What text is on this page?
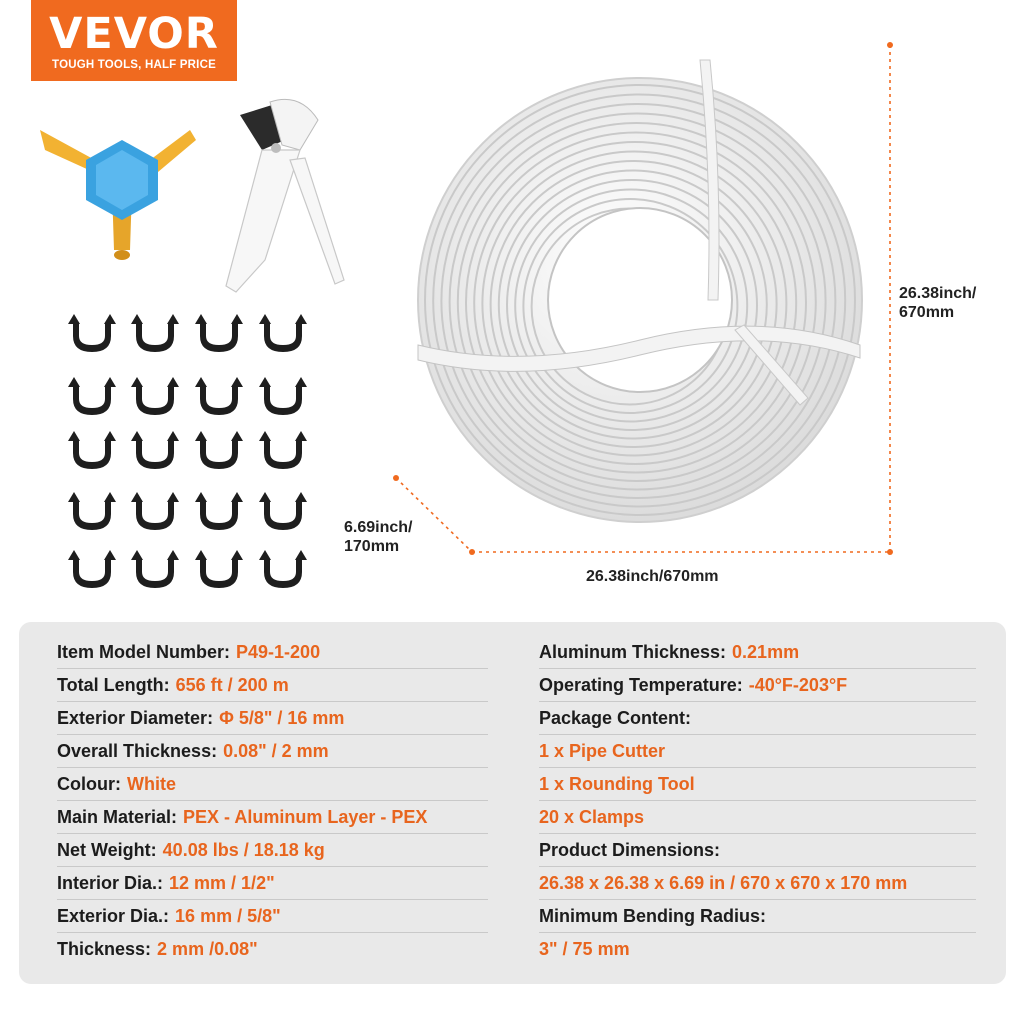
VEVOR
TOUGH TOOLS, HALF PRICE
26.38inch/
670mm
26.38inch/670mm
6.69inch/
170mm
Item Model Number: P49-1-200
Total Length: 656 ft / 200 m
Exterior Diameter: Φ 5/8" / 16 mm
Overall Thickness: 0.08" / 2 mm
Colour: White
Main Material: PEX - Aluminum Layer - PEX
Net Weight: 40.08 lbs / 18.18 kg
Interior Dia.: 12 mm / 1/2"
Exterior Dia.: 16 mm / 5/8"
Thickness: 2 mm /0.08"
Aluminum Thickness: 0.21mm
Operating Temperature: -40°F-203°F
Package Content:
1 x Pipe Cutter
1 x Rounding Tool
20 x Clamps
Product Dimensions:
26.38 x 26.38 x 6.69 in / 670 x 670 x 170 mm
Minimum Bending Radius:
3" / 75 mm
